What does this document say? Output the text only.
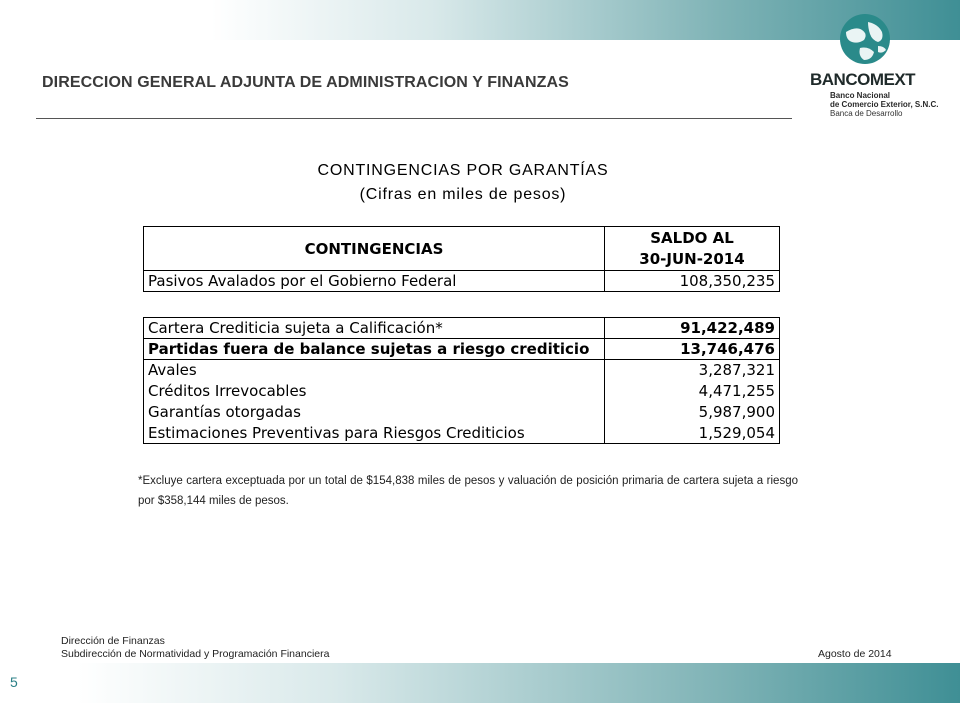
DIRECCION GENERAL ADJUNTA DE ADMINISTRACION Y FINANZAS	BANCOMEXT
Banco Nacional
de Comercio Exterior, S.N.C.
Banca de Desarrollo
CONTINGENCIAS POR GARANTÍAS
(Cifras en miles de pesos)
CONTINGENCIAS	SALDO AL
	30-JUN-2014
Pasivos Avalados por el Gobierno Federal	108,350,235
Cartera Crediticia sujeta a Calificación*	91,422,489
Partidas fuera de balance sujetas a riesgo crediticio	13,746,476
Avales	3,287,321
Créditos Irrevocables	4,471,255
Garantías otorgadas	5,987,900
Estimaciones Preventivas para Riesgos Crediticios	1,529,054
*Excluye cartera exceptuada por un total de $154,838 miles de pesos y valuación de posición primaria de cartera sujeta a riesgo por $358,144 miles de pesos.
Dirección de Finanzas
Subdirección de Normatividad y Programación Financiera	Agosto de 2014
5
